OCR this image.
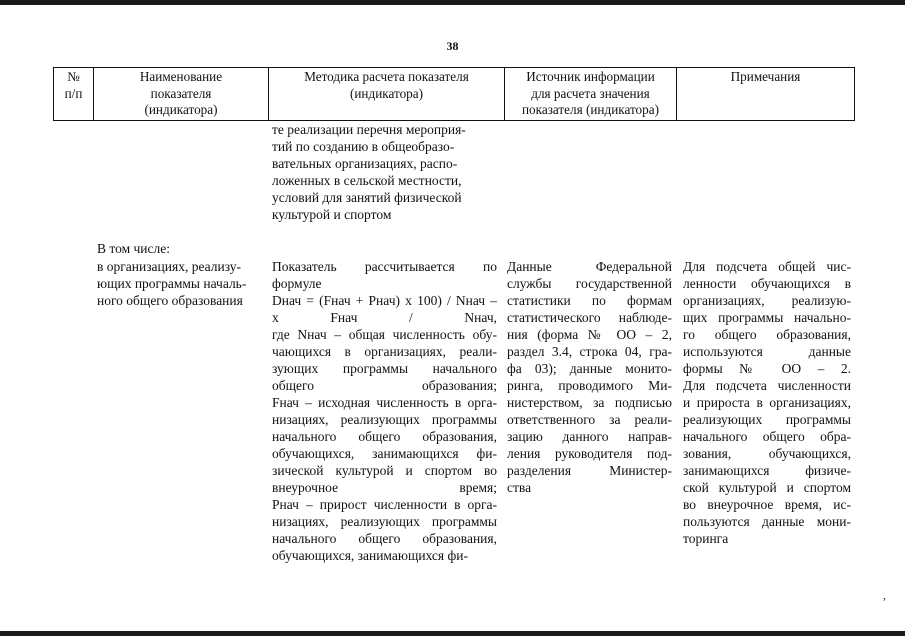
38
№
п/п
Наименование
показателя
(индикатора)
Методика расчета показателя
(индикатора)
Источник информации
для расчета значения
показателя (индикатора)
Примечания
те реализации перечня мероприя-
тий по созданию в общеобразо-
вательных организациях, распо-
ложенных в сельской местности,
условий для занятий физической
культурой и спортом
В том числе:
в организациях, реализу-
ющих программы началь-
ного общего образования
Показатель рассчитывается по
формуле
Dнач = (Fнач + Pнач) х 100) / Nнач –
х Fнач / Nнач,
где Nнач – общая численность обу-
чающихся в организациях, реали-
зующих программы начального
общего образования;
Fнач – исходная численность в орга-
низациях, реализующих программы
начального общего образования,
обучающихся, занимающихся фи-
зической культурой и спортом во
внеурочное время;
Рнач – прирост численности в орга-
низациях, реализующих программы
начального общего образования,
обучающихся, занимающихся фи-
Данные Федеральной
службы государственной
статистики по формам
статистического наблюде-
ния (форма № ОО – 2,
раздел 3.4, строка 04, гра-
фа 03); данные монито-
ринга, проводимого Ми-
нистерством, за подписью
ответственного за реали-
зацию данного направ-
ления руководителя под-
разделения Министер-
ства
Для подсчета общей чис-
ленности обучающихся в
организациях, реализую-
щих программы начально-
го общего образования,
используются данные
формы № ОО – 2.
Для подсчета численности
и прироста в организациях,
реализующих программы
начального общего обра-
зования, обучающихся,
занимающихся физиче-
ской культурой и спортом
во внеурочное время, ис-
пользуются данные мони-
торинга
,
